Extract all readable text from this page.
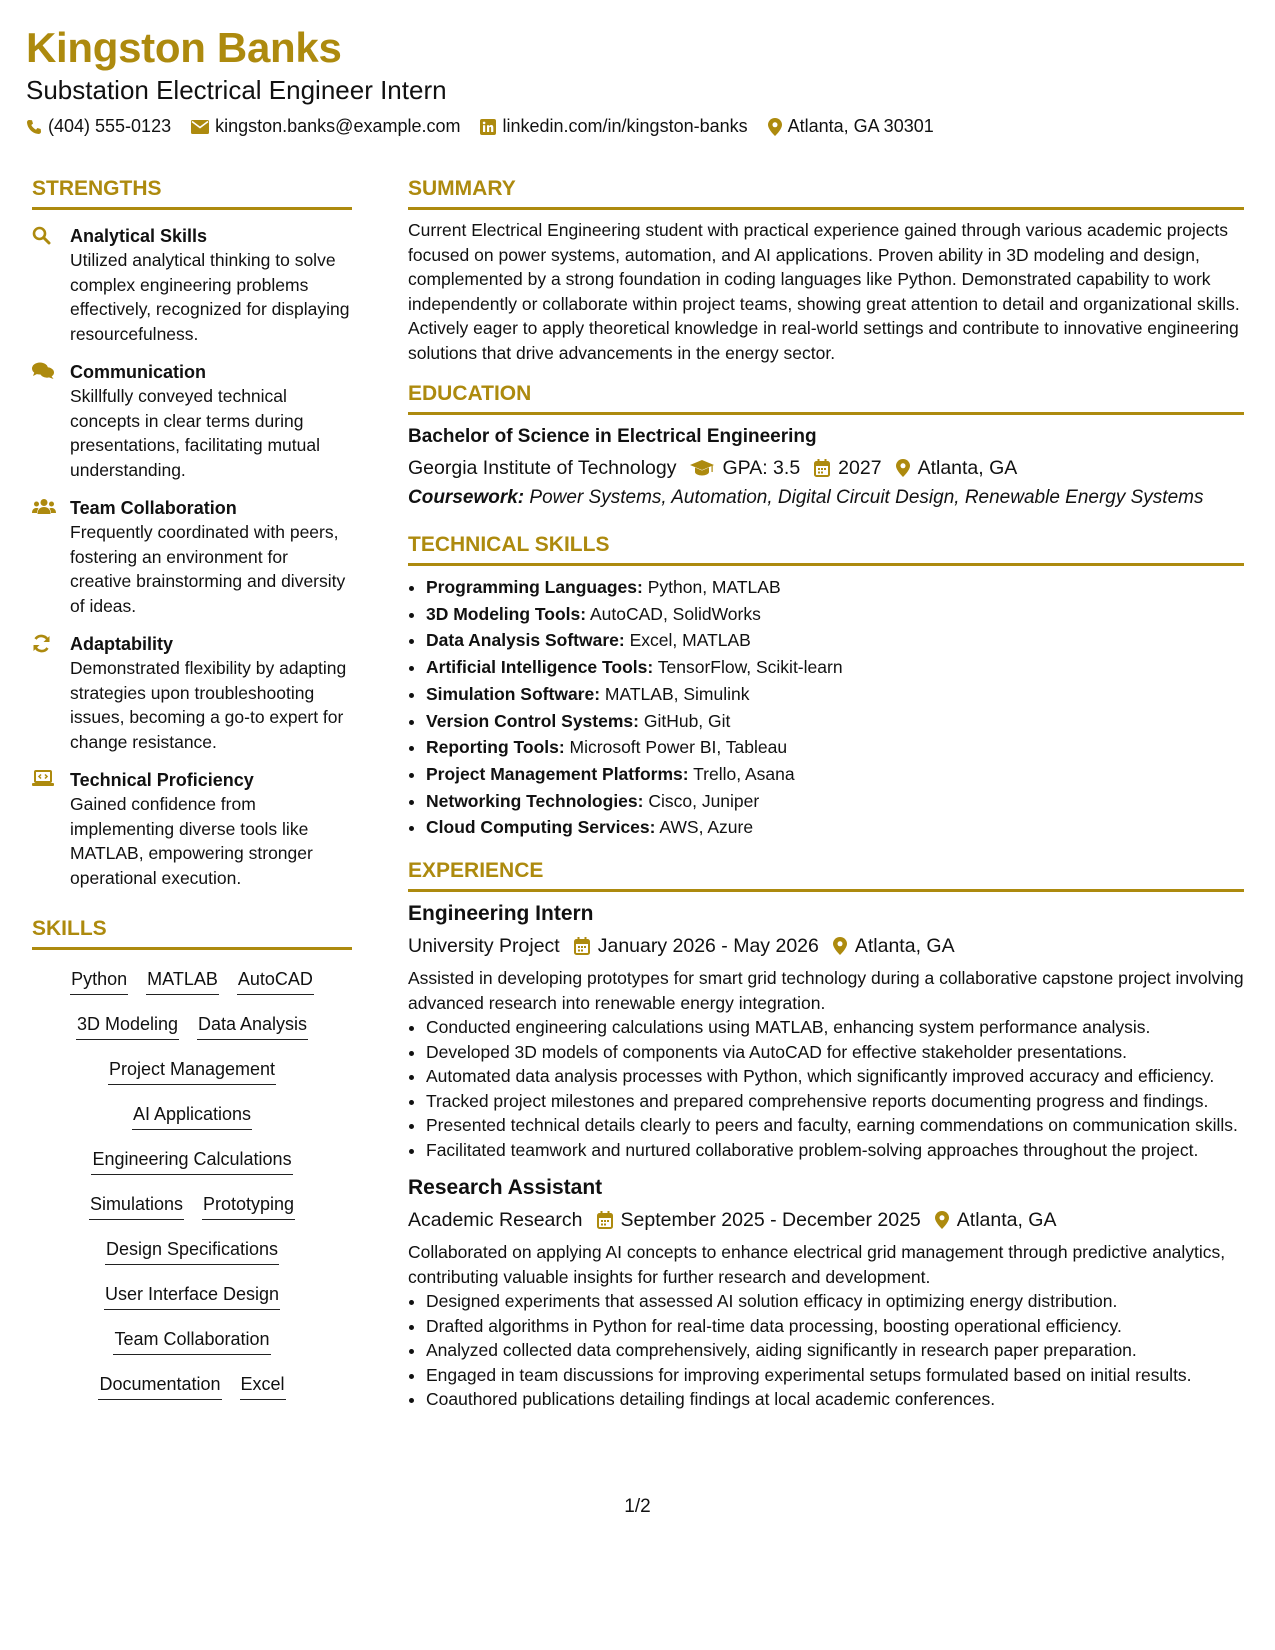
Kingston Banks
Substation Electrical Engineer Intern
(404) 555-0123 kingston.banks@example.com linkedin.com/in/kingston-banks Atlanta, GA 30301
STRENGTHS
Analytical Skills
Utilized analytical thinking to solve complex engineering problems effectively, recognized for displaying resourcefulness.
Communication
Skillfully conveyed technical concepts in clear terms during presentations, facilitating mutual understanding.
Team Collaboration
Frequently coordinated with peers, fostering an environment for creative brainstorming and diversity of ideas.
Adaptability
Demonstrated flexibility by adapting strategies upon troubleshooting issues, becoming a go-to expert for change resistance.
Technical Proficiency
Gained confidence from implementing diverse tools like MATLAB, empowering stronger operational execution.
SKILLS
Python MATLAB AutoCAD
3D Modeling Data Analysis
Project Management
AI Applications
Engineering Calculations
Simulations Prototyping
Design Specifications
User Interface Design
Team Collaboration
Documentation Excel
SUMMARY
Current Electrical Engineering student with practical experience gained through various academic projects focused on power systems, automation, and AI applications. Proven ability in 3D modeling and design, complemented by a strong foundation in coding languages like Python. Demonstrated capability to work independently or collaborate within project teams, showing great attention to detail and organizational skills. Actively eager to apply theoretical knowledge in real-world settings and contribute to innovative engineering solutions that drive advancements in the energy sector.
EDUCATION
Bachelor of Science in Electrical Engineering
Georgia Institute of Technology GPA: 3.5 2027 Atlanta, GA
Coursework: Power Systems, Automation, Digital Circuit Design, Renewable Energy Systems
TECHNICAL SKILLS
• Programming Languages: Python, MATLAB
• 3D Modeling Tools: AutoCAD, SolidWorks
• Data Analysis Software: Excel, MATLAB
• Artificial Intelligence Tools: TensorFlow, Scikit-learn
• Simulation Software: MATLAB, Simulink
• Version Control Systems: GitHub, Git
• Reporting Tools: Microsoft Power BI, Tableau
• Project Management Platforms: Trello, Asana
• Networking Technologies: Cisco, Juniper
• Cloud Computing Services: AWS, Azure
EXPERIENCE
Engineering Intern
University Project January 2026 - May 2026 Atlanta, GA
Assisted in developing prototypes for smart grid technology during a collaborative capstone project involving advanced research into renewable energy integration.
• Conducted engineering calculations using MATLAB, enhancing system performance analysis.
• Developed 3D models of components via AutoCAD for effective stakeholder presentations.
• Automated data analysis processes with Python, which significantly improved accuracy and efficiency.
• Tracked project milestones and prepared comprehensive reports documenting progress and findings.
• Presented technical details clearly to peers and faculty, earning commendations on communication skills.
• Facilitated teamwork and nurtured collaborative problem-solving approaches throughout the project.
Research Assistant
Academic Research September 2025 - December 2025 Atlanta, GA
Collaborated on applying AI concepts to enhance electrical grid management through predictive analytics, contributing valuable insights for further research and development.
• Designed experiments that assessed AI solution efficacy in optimizing energy distribution.
• Drafted algorithms in Python for real-time data processing, boosting operational efficiency.
• Analyzed collected data comprehensively, aiding significantly in research paper preparation.
• Engaged in team discussions for improving experimental setups formulated based on initial results.
• Coauthored publications detailing findings at local academic conferences.
1/2
